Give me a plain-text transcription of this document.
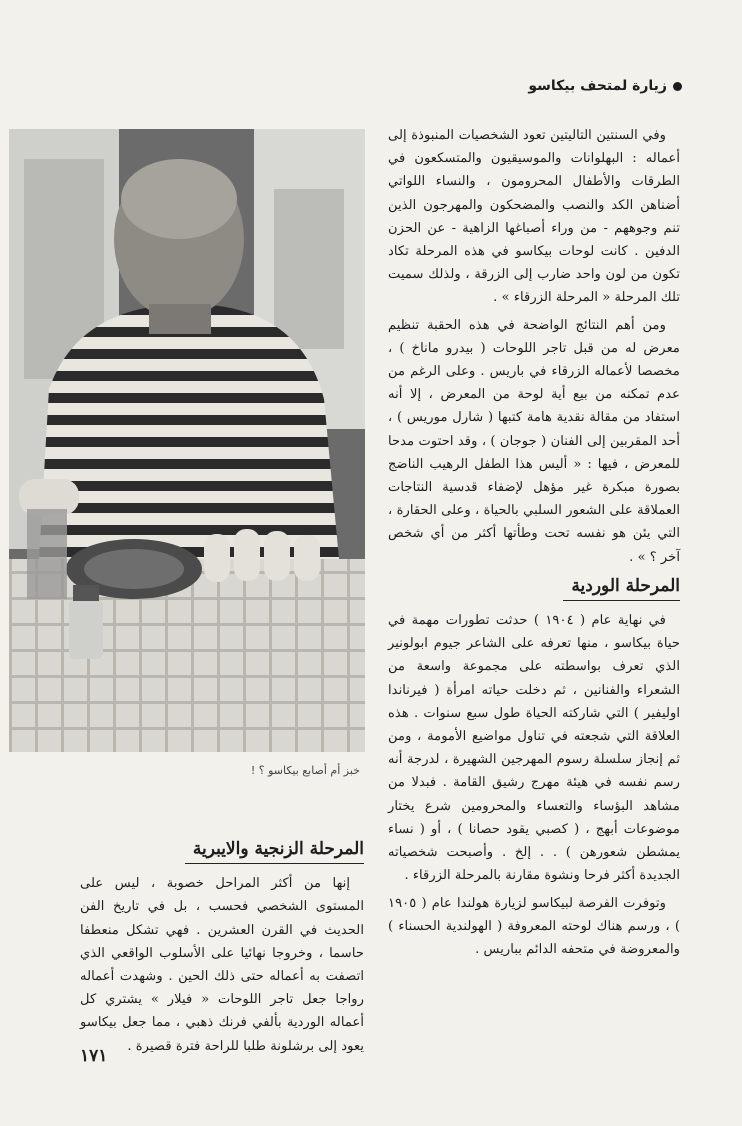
زيارة لمتحف بيكاسو

وفي السنتين التاليتين تعود الشخصيات المنبوذة إلى أعماله : البهلوانات والموسيقيون والمتسكعون في الطرقات والأطفال المحرومون ، والنساء اللواتي أضناهن الكد والنصب والمضحكون والمهرجون الذين تنم وجوههم - من وراء أصباغها الزاهية - عن الحزن الدفين . كانت لوحات بيكاسو في هذه المرحلة تكاد تكون من لون واحد ضارب إلى الزرقة ، ولذلك سميت تلك المرحلة « المرحلة الزرقاء » .

ومن أهم النتائج الواضحة في هذه الحقبة تنظيم معرض له من قبل تاجر اللوحات ( بيدرو ماناخ ) ، مخصصا لأعماله الزرقاء في باريس . وعلى الرغم من عدم تمكنه من بيع أية لوحة من المعرض ، إلا أنه استفاد من مقالة نقدية هامة كتبها ( شارل موريس ) ، أحد المقربين إلى الفنان ( جوجان ) ، وقد احتوت مدحا للمعرض ، فيها : « أليس هذا الطفل الرهيب الناضج بصورة مبكرة غير مؤهل لإضفاء قدسية النتاجات العملاقة على الشعور السلبي بالحياة ، وعلى الحقارة ، التي يئن هو نفسه تحت وطأتها أكثر من أي شخص آخر ؟ » .

المرحلة الوردية

في نهاية عام ( ١٩٠٤ ) حدثت تطورات مهمة في حياة بيكاسو ، منها تعرفه على الشاعر جيوم ابولونير الذي تعرف بواسطته على مجموعة واسعة من الشعراء والفنانين ، ثم دخلت حياته امرأة ( فيرناندا اوليفير ) التي شاركته الحياة طول سبع سنوات . هذه العلاقة التي شجعته في تناول مواضيع الأمومة ، ومن ثم إنجاز سلسلة رسوم المهرجين الشهيرة ، لدرجة أنه رسم نفسه في هيئة مهرج رشيق القامة . فبدلا من مشاهد البؤساء والتعساء والمحرومين شرع يختار موضوعات أبهج ، ( كصبي يقود حصانا ) ، أو ( نساء يمشطن شعورهن ) . . إلخ . وأصبحت شخصياته الجديدة أكثر فرحا ونشوة مقارنة بالمرحلة الزرقاء .

وتوفرت الفرصة لبيكاسو لزيارة هولندا عام ( ١٩٠٥ ) ، ورسم هناك لوحته المعروفة ( الهولندية الحسناء ) والمعروضة في متحفه الدائم بباريس .

خبز أم أصابع بيكاسو ؟ !
المرحلة الزنجية والايبرية

إنها من أكثر المراحل خصوبة ، ليس على المستوى الشخصي فحسب ، بل في تاريخ الفن الحديث في القرن العشرين . فهي تشكل منعطفا حاسما ، وخروجا نهائيا على الأسلوب الواقعي الذي اتصفت به أعماله حتى ذلك الحين . وشهدت أعماله رواجا جعل تاجر اللوحات « فيلار » يشتري كل أعماله الوردية بألفي فرنك ذهبي ، مما جعل بيكاسو يعود إلى برشلونة طلبا للراحة فترة قصيرة .

١٧١
